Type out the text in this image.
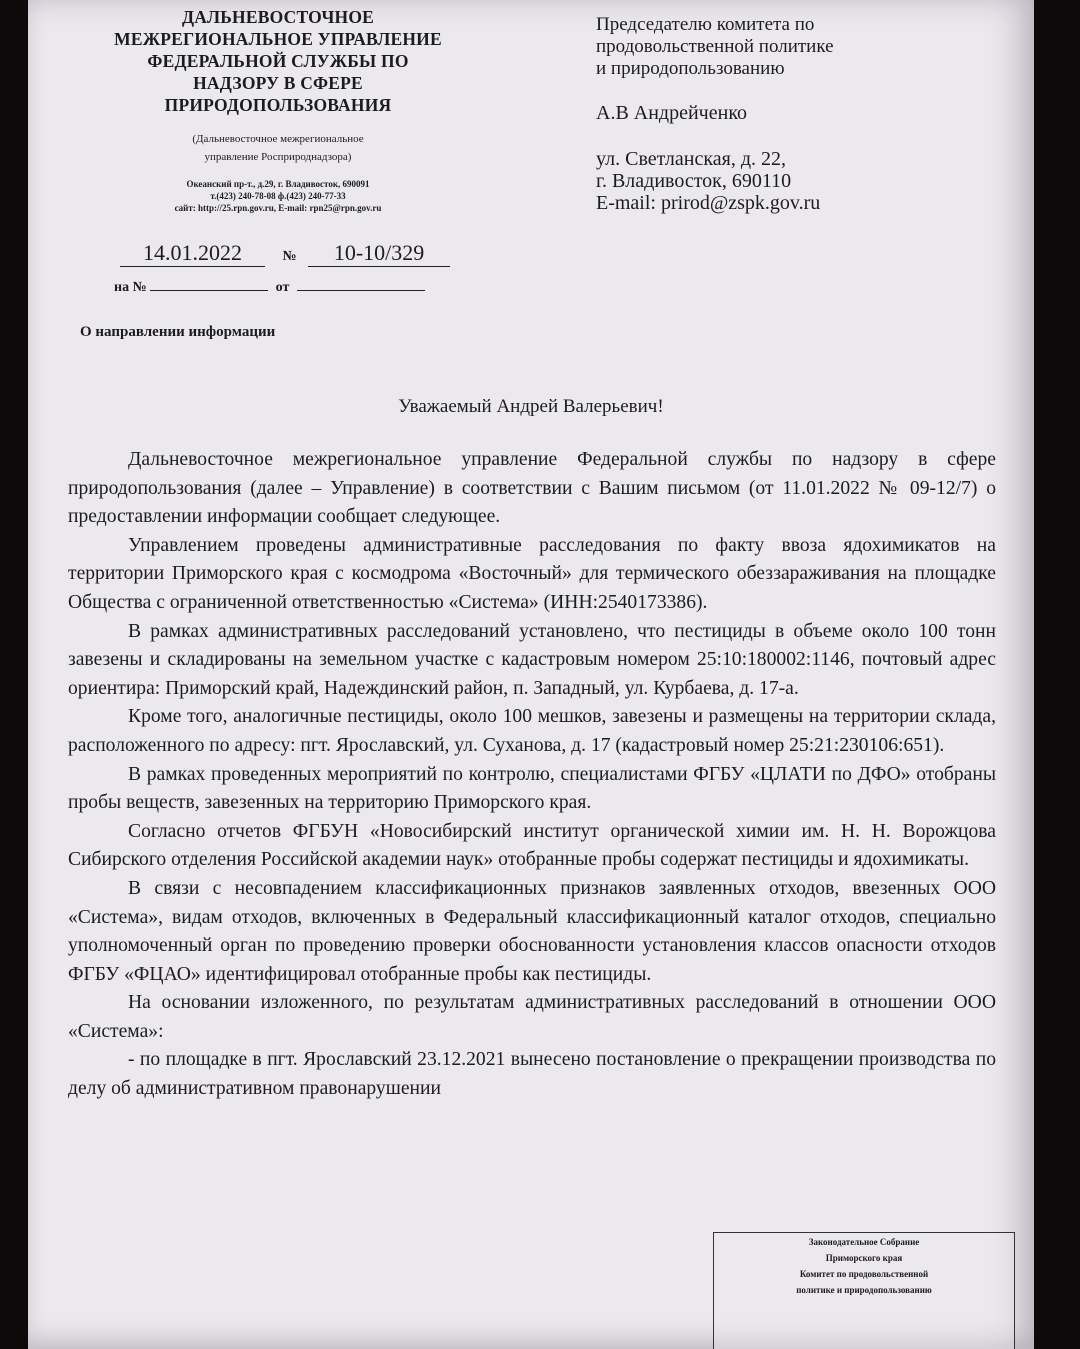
ДАЛЬНЕВОСТОЧНОЕ
МЕЖРЕГИОНАЛЬНОЕ УПРАВЛЕНИЕ
ФЕДЕРАЛЬНОЙ СЛУЖБЫ ПО
НАДЗОРУ В СФЕРЕ
ПРИРОДОПОЛЬЗОВАНИЯ
(Дальневосточное межрегиональное
управление Росприроднадзора)
Океанский пр-т., д.29, г. Владивосток, 690091
т.(423) 240-78-08 ф.(423) 240-77-33
сайт: http://25.rpn.gov.ru, E-mail: rpn25@rpn.gov.ru
14.01.2022	№ 10-10/329
на №	от

Председателю комитета по

продовольственной политике

и природопользованию

А.В Андрейченко

ул. Светланская, д. 22,

г. Владивосток, 690110

E-mail: prirod@zspk.gov.ru

О направлении информации
Уважаемый Андрей Валерьевич!

Дальневосточное межрегиональное управление Федеральной службы по надзору в сфере природопользования (далее – Управление) в соответствии с Вашим письмом (от 11.01.2022 № 09-12/7) о предоставлении информации сообщает следующее.

Управлением проведены административные расследования по факту ввоза ядохимикатов на территории Приморского края с космодрома «Восточный» для термического обеззараживания на площадке Общества с ограниченной ответственностью «Система» (ИНН:2540173386).

В рамках административных расследований установлено, что пестициды в объеме около 100 тонн завезены и складированы на земельном участке с кадастровым номером 25:10:180002:1146, почтовый адрес ориентира: Приморский край, Надеждинский район, п. Западный, ул. Курбаева, д. 17-а.

Кроме того, аналогичные пестициды, около 100 мешков, завезены и размещены на территории склада, расположенного по адресу: пгт. Ярославский, ул. Суханова, д. 17 (кадастровый номер 25:21:230106:651).

В рамках проведенных мероприятий по контролю, специалистами ФГБУ «ЦЛАТИ по ДФО» отобраны пробы веществ, завезенных на территорию Приморского края.

Согласно отчетов ФГБУН «Новосибирский институт органической химии им. Н. Н. Ворожцова Сибирского отделения Российской академии наук» отобранные пробы содержат пестициды и ядохимикаты.

В связи с несовпадением классификационных признаков заявленных отходов, ввезенных ООО «Система», видам отходов, включенных в Федеральный классификационный каталог отходов, специально уполномоченный орган по проведению проверки обоснованности установления классов опасности отходов ФГБУ «ФЦАО» идентифицировал отобранные пробы как пестициды.

На основании изложенного, по результатам административных расследований в отношении ООО «Система»:

- по площадке в пгт. Ярославский 23.12.2021 вынесено постановление о прекращении производства по делу об административном правонарушении

Законодательное Собрание
Приморского края
Комитет по продовольственной
политике и природопользованию
